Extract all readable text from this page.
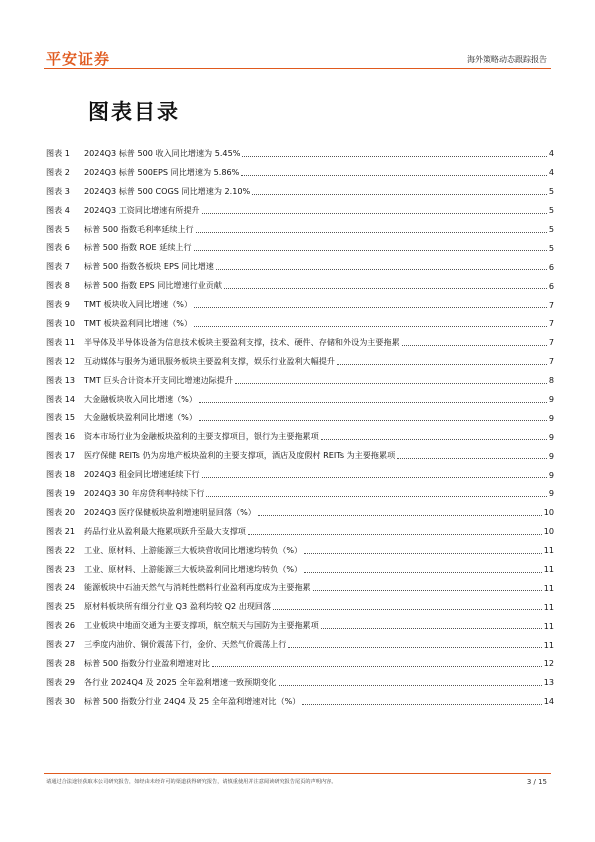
平安证券	海外策略动态跟踪报告
图表目录
图表 1	2024Q3 标普 500 收入同比增速为 5.45%	4
图表 2	2024Q3 标普 500EPS 同比增速为 5.86%	4
图表 3	2024Q3 标普 500 COGS 同比增速为 2.10%	5
图表 4	2024Q3 工资同比增速有所提升	5
图表 5	标普 500 指数毛利率延续上行	5
图表 6	标普 500 指数 ROE 延续上行	5
图表 7	标普 500 指数各板块 EPS 同比增速	6
图表 8	标普 500 指数 EPS 同比增速行业贡献	6
图表 9	TMT 板块收入同比增速（%）	7
图表 10	TMT 板块盈利同比增速（%）	7
图表 11	半导体及半导体设备为信息技术板块主要盈利支撑，技术、硬件、存储和外设为主要拖累	7
图表 12	互动媒体与服务为通讯服务板块主要盈利支撑，娱乐行业盈利大幅提升	7
图表 13	TMT 巨头合计资本开支同比增速边际提升	8
图表 14	大金融板块收入同比增速（%）	9
图表 15	大金融板块盈利同比增速（%）	9
图表 16	资本市场行业为金融板块盈利的主要支撑项目，银行为主要拖累项	9
图表 17	医疗保健 REITs 仍为房地产板块盈利的主要支撑项，酒店及度假村 REITs 为主要拖累项	9
图表 18	2024Q3 租金同比增速延续下行	9
图表 19	2024Q3 30 年房贷利率持续下行	9
图表 20	2024Q3 医疗保健板块盈利增速明显回落（%）	10
图表 21	药品行业从盈利最大拖累项跃升至最大支撑项	10
图表 22	工业、原材料、上游能源三大板块营收同比增速均转负（%）	11
图表 23	工业、原材料、上游能源三大板块盈利同比增速均转负（%）	11
图表 24	能源板块中石油天然气与消耗性燃料行业盈利再度成为主要拖累	11
图表 25	原材料板块所有细分行业 Q3 盈利均较 Q2 出现回落	11
图表 26	工业板块中地面交通为主要支撑项，航空航天与国防为主要拖累项	11
图表 27	三季度内油价、铜价震荡下行，金价、天然气价震荡上行	11
图表 28	标普 500 指数分行业盈利增速对比	12
图表 29	各行业 2024Q4 及 2025 全年盈利增速一致预期变化	13
图表 30	标普 500 指数分行业 24Q4 及 25 全年盈利增速对比（%）	14
请通过合法途径获取本公司研究报告，如经由未经许可的渠道获得研究报告，请慎重使用并注意阅读研究报告尾页的声明内容。	3 / 15
